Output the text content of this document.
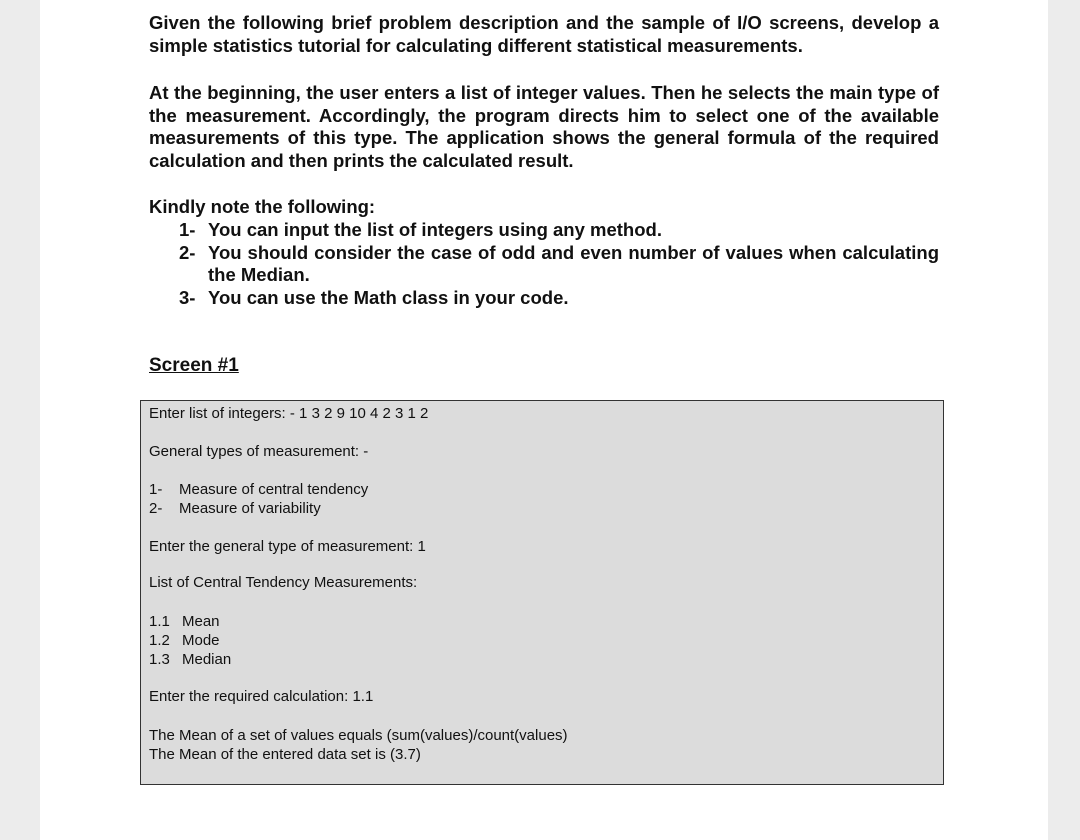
Given the following brief problem description and the sample of I/O screens, develop a simple statistics tutorial for calculating different statistical measurements.

At the beginning, the user enters a list of integer values. Then he selects the main type of the measurement. Accordingly, the program directs him to select one of the available measurements of this type. The application shows the general formula of the required calculation and then prints the calculated result.

Kindly note the following:
1- You can input the list of integers using any method.
2- You should consider the case of odd and even number of values when calculating the Median.
3- You can use the Math class in your code.
Screen #1
Enter list of integers: - 1 3 2 9 10 4 2 3 1 2
General types of measurement: -
1-	Measure of central tendency
2-	Measure of variability
Enter the general type of measurement: 1
List of Central Tendency Measurements:
1.1 Mean
1.2 Mode
1.3 Median
Enter the required calculation: 1.1
The Mean of a set of values equals (sum(values)/count(values)
The Mean of the entered data set is (3.7)
